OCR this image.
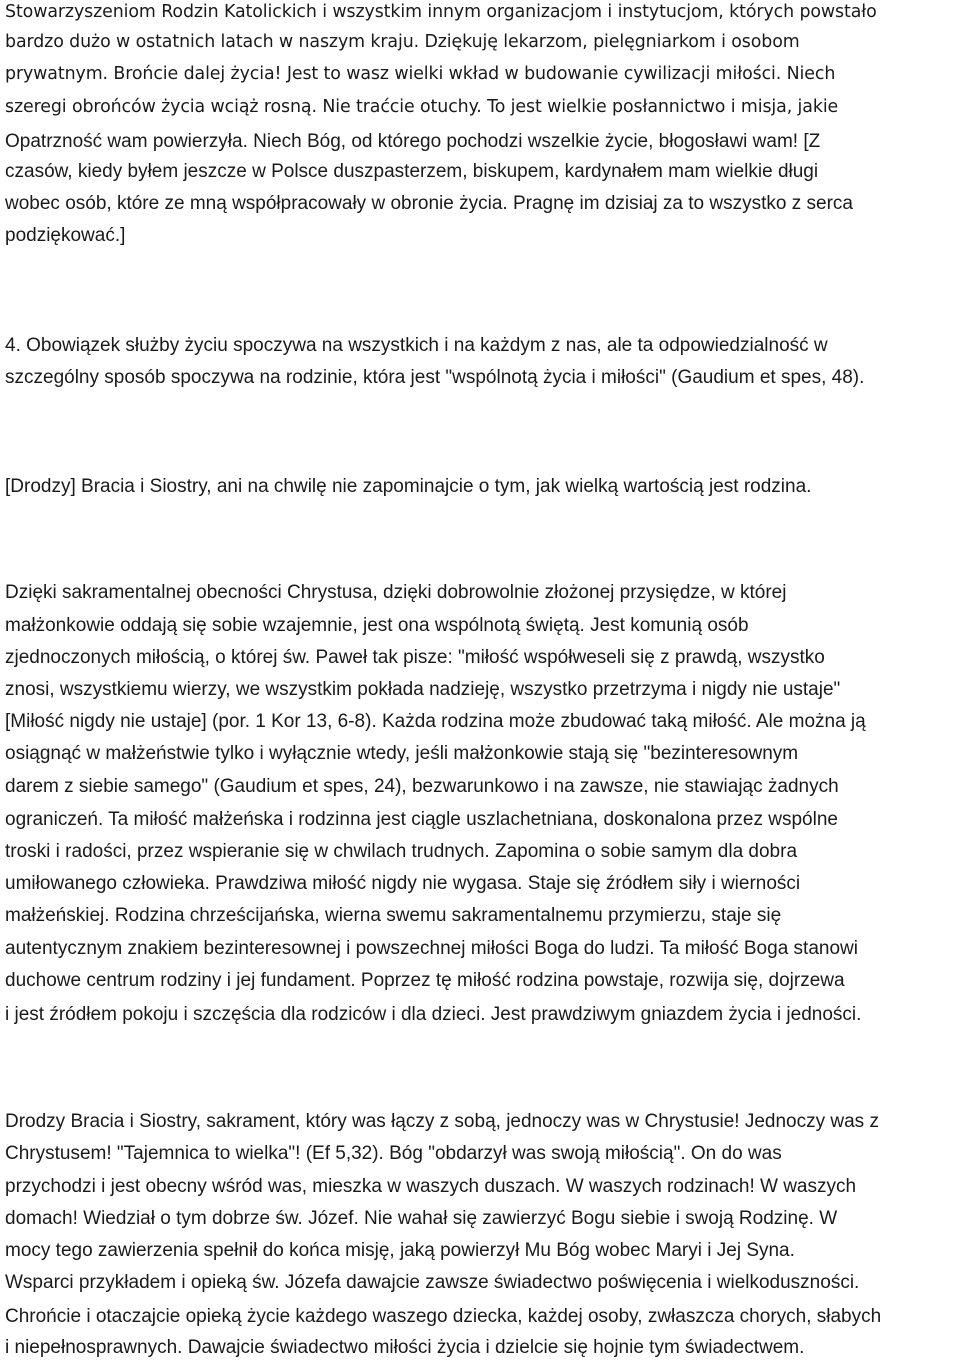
Stowarzyszeniom Rodzin Katolickich i wszystkim innym organizacjom i instytucjom, których powstało
bardzo dużo w ostatnich latach w naszym kraju. Dziękuję lekarzom, pielęgniarkom i osobom
prywatnym. Brońcie dalej życia! Jest to wasz wielki wkład w budowanie cywilizacji miłości. Niech
szeregi obrońców życia wciąż rosną. Nie traćcie otuchy. To jest wielkie posłannictwo i misja, jakie
Opatrzność wam powierzyła. Niech Bóg, od którego pochodzi wszelkie życie, błogosławi wam! [Z
czasów, kiedy byłem jeszcze w Polsce duszpasterzem, biskupem, kardynałem mam wielkie długi
wobec osób, które ze mną współpracowały w obronie życia. Pragnę im dzisiaj za to wszystko z serca
podziękować.]
4. Obowiązek służby życiu spoczywa na wszystkich i na każdym z nas, ale ta odpowiedzialność w
szczególny sposób spoczywa na rodzinie, która jest "wspólnotą życia i miłości" (Gaudium et spes, 48).
[Drodzy] Bracia i Siostry, ani na chwilę nie zapominajcie o tym, jak wielką wartością jest rodzina.
Dzięki sakramentalnej obecności Chrystusa, dzięki dobrowolnie złożonej przysiędze, w której
małżonkowie oddają się sobie wzajemnie, jest ona wspólnotą świętą. Jest komunią osób
zjednoczonych miłością, o której św. Paweł tak pisze: "miłość współweseli się z prawdą, wszystko
znosi, wszystkiemu wierzy, we wszystkim pokłada nadzieję, wszystko przetrzyma i nigdy nie ustaje"
[Miłość nigdy nie ustaje] (por. 1 Kor 13, 6-8). Każda rodzina może zbudować taką miłość. Ale można ją
osiągnąć w małżeństwie tylko i wyłącznie wtedy, jeśli małżonkowie stają się "bezinteresownym
darem z siebie samego" (Gaudium et spes, 24), bezwarunkowo i na zawsze, nie stawiając żadnych
ograniczeń. Ta miłość małżeńska i rodzinna jest ciągle uszlachetniana, doskonalona przez wspólne
troski i radości, przez wspieranie się w chwilach trudnych. Zapomina o sobie samym dla dobra
umiłowanego człowieka. Prawdziwa miłość nigdy nie wygasa. Staje się źródłem siły i wierności
małżeńskiej. Rodzina chrześcijańska, wierna swemu sakramentalnemu przymierzu, staje się
autentycznym znakiem bezinteresownej i powszechnej miłości Boga do ludzi. Ta miłość Boga stanowi
duchowe centrum rodziny i jej fundament. Poprzez tę miłość rodzina powstaje, rozwija się, dojrzewa
i jest źródłem pokoju i szczęścia dla rodziców i dla dzieci. Jest prawdziwym gniazdem życia i jedności.
Drodzy Bracia i Siostry, sakrament, który was łączy z sobą, jednoczy was w Chrystusie! Jednoczy was z
Chrystusem! "Tajemnica to wielka"! (Ef 5,32). Bóg "obdarzył was swoją miłością". On do was
przychodzi i jest obecny wśród was, mieszka w waszych duszach. W waszych rodzinach! W waszych
domach! Wiedział o tym dobrze św. Józef. Nie wahał się zawierzyć Bogu siebie i swoją Rodzinę. W
mocy tego zawierzenia spełnił do końca misję, jaką powierzył Mu Bóg wobec Maryi i Jej Syna.
Wsparci przykładem i opieką św. Józefa dawajcie zawsze świadectwo poświęcenia i wielkoduszności.
Chrońcie i otaczajcie opieką życie każdego waszego dziecka, każdej osoby, zwłaszcza chorych, słabych
i niepełnosprawnych. Dawajcie świadectwo miłości życia i dzielcie się hojnie tym świadectwem.
